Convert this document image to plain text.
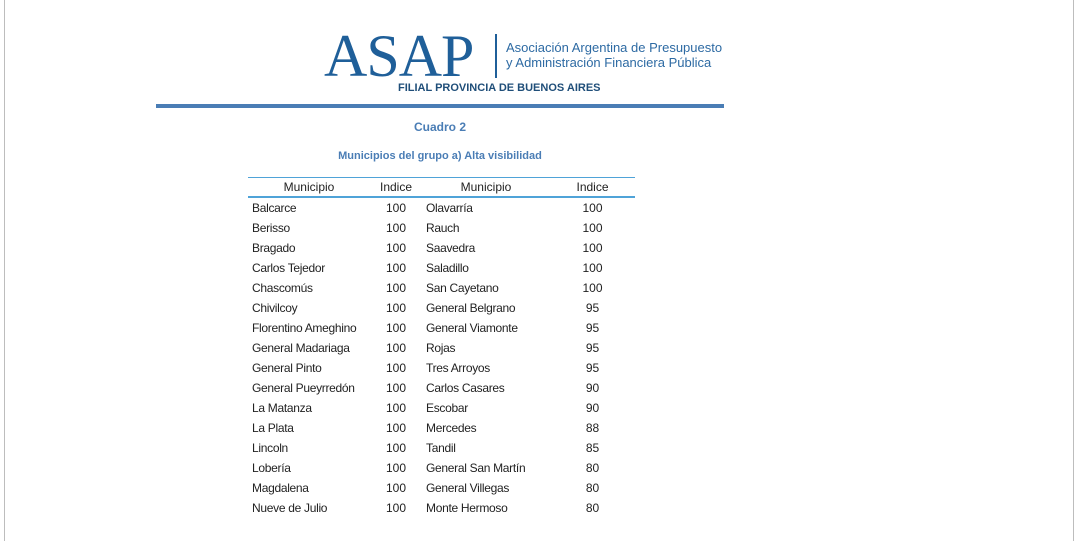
ASAP	Asociación Argentina de Presupuesto
y Administración Financiera Pública
FILIAL PROVINCIA DE BUENOS AIRES
Cuadro 2
Municipios del grupo a) Alta visibilidad
Municipio	Indice	Municipio	Indice
Balcarce	100	Olavarría	100
Berisso	100	Rauch	100
Bragado	100	Saavedra	100
Carlos Tejedor	100	Saladillo	100
Chascomús	100	San Cayetano	100
Chivilcoy	100	General Belgrano	95
Florentino Ameghino	100	General Viamonte	95
General Madariaga	100	Rojas	95
General Pinto	100	Tres Arroyos	95
General Pueyrredón	100	Carlos Casares	90
La Matanza	100	Escobar	90
La Plata	100	Mercedes	88
Lincoln	100	Tandil	85
Lobería	100	General San Martín	80
Magdalena	100	General Villegas	80
Nueve de Julio	100	Monte Hermoso	80
